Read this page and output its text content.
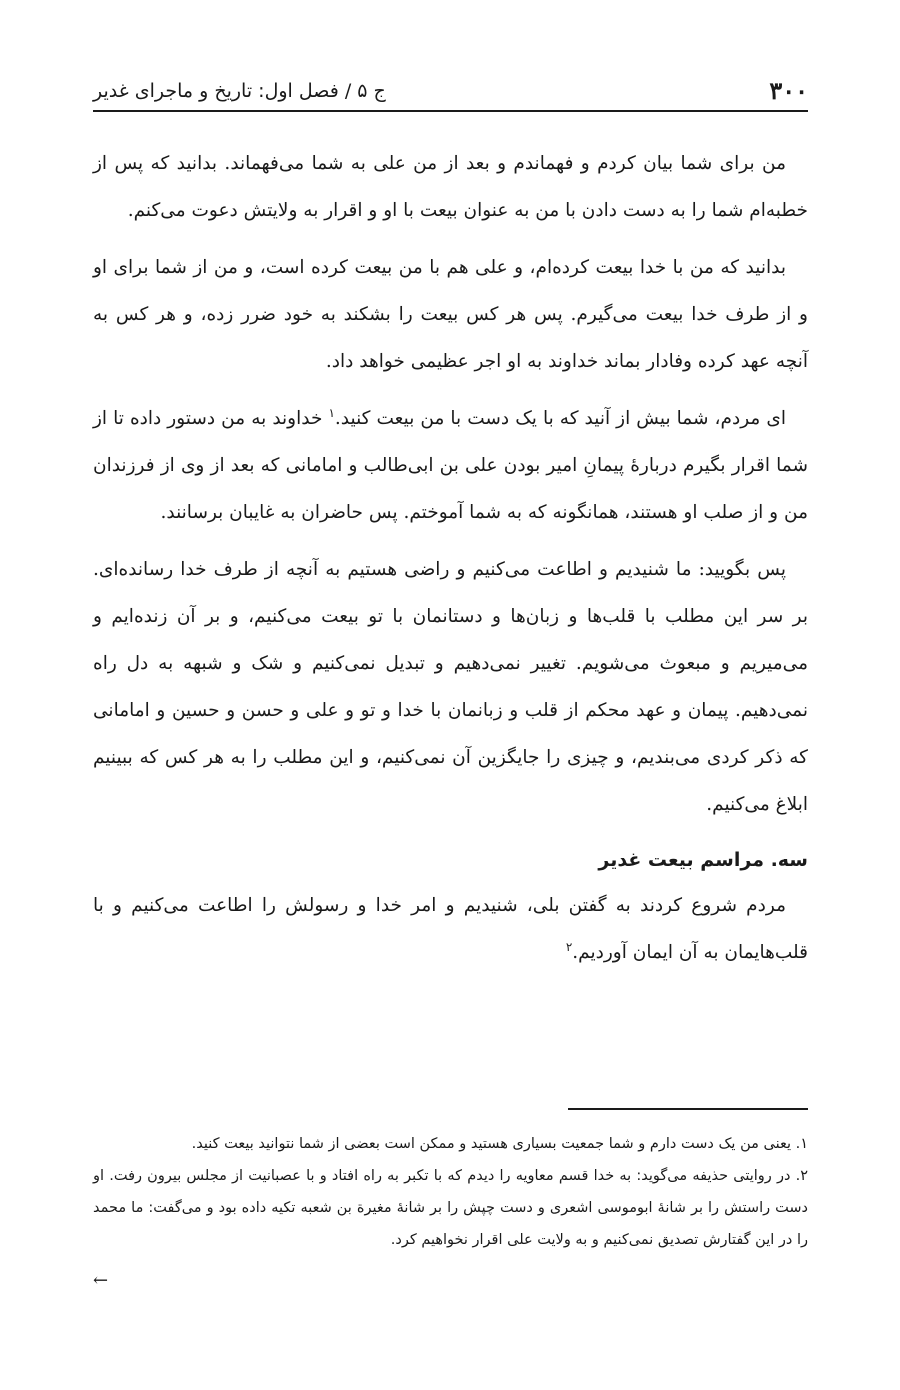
۳۰۰
ج ۵ / فصل اول: تاریخ و ماجرای غدیر

من برای شما بیان کردم و فهماندم و بعد از من علی به شما می‌فهماند. بدانید که پس از خطبه‌ام شما را به دست دادن با من به عنوان بیعت با او و اقرار به ولایتش دعوت می‌کنم.

بدانید که من با خدا بیعت کرده‌ام، و علی هم با من بیعت کرده است، و من از شما برای او و از طرف خدا بیعت می‌گیرم. پس هر کس بیعت را بشکند به خود ضرر زده، و هر کس به آنچه عهد کرده وفادار بماند خداوند به او اجر عظیمی خواهد داد.

ای مردم، شما بیش از آنید که با یک دست با من بیعت کنید.$^۱$ خداوند به من دستور داده تا از شما اقرار بگیرم دربارهٔ پیمانِ امیر بودن علی بن ابی‌طالب و امامانی که بعد از وی از فرزندان من و از صلب او هستند، همانگونه که به شما آموختم. پس حاضران به غایبان برسانند.

پس بگویید: ما شنیدیم و اطاعت می‌کنیم و راضی هستیم به آنچه از طرف خدا رسانده‌ای. بر سر این مطلب با قلب‌ها و زبان‌ها و دستانمان با تو بیعت می‌کنیم، و بر آن زنده‌ایم و می‌میریم و مبعوث می‌شویم. تغییر نمی‌دهیم و تبدیل نمی‌کنیم و شک و شبهه به دل راه نمی‌دهیم. پیمان و عهد محکم از قلب و زبانمان با خدا و تو و علی و حسن و حسین و امامانی که ذکر کردی می‌بندیم، و چیزی را جایگزین آن نمی‌کنیم، و این مطلب را به هر کس که ببینیم ابلاغ می‌کنیم.

سه. مراسم بیعت غدیر

مردم شروع کردند به گفتن بلی، شنیدیم و امر خدا و رسولش را اطاعت می‌کنیم و با قلب‌هایمان به آن ایمان آوردیم.$^۲$

۱. یعنی من یک دست دارم و شما جمعیت بسیاری هستید و ممکن است بعضی از شما نتوانید بیعت کنید.

۲. در روایتی حذیفه می‌گوید: به خدا قسم معاویه را دیدم که با تکبر به راه افتاد و با عصبانیت از مجلس بیرون رفت. او دست راستش را بر شانهٔ ابوموسی اشعری و دست چپش را بر شانهٔ مغیرة بن شعبه تکیه داده بود و می‌گفت: ما محمد را در این گفتارش تصدیق نمی‌کنیم و به ولایت علی اقرار نخواهیم کرد.

←
